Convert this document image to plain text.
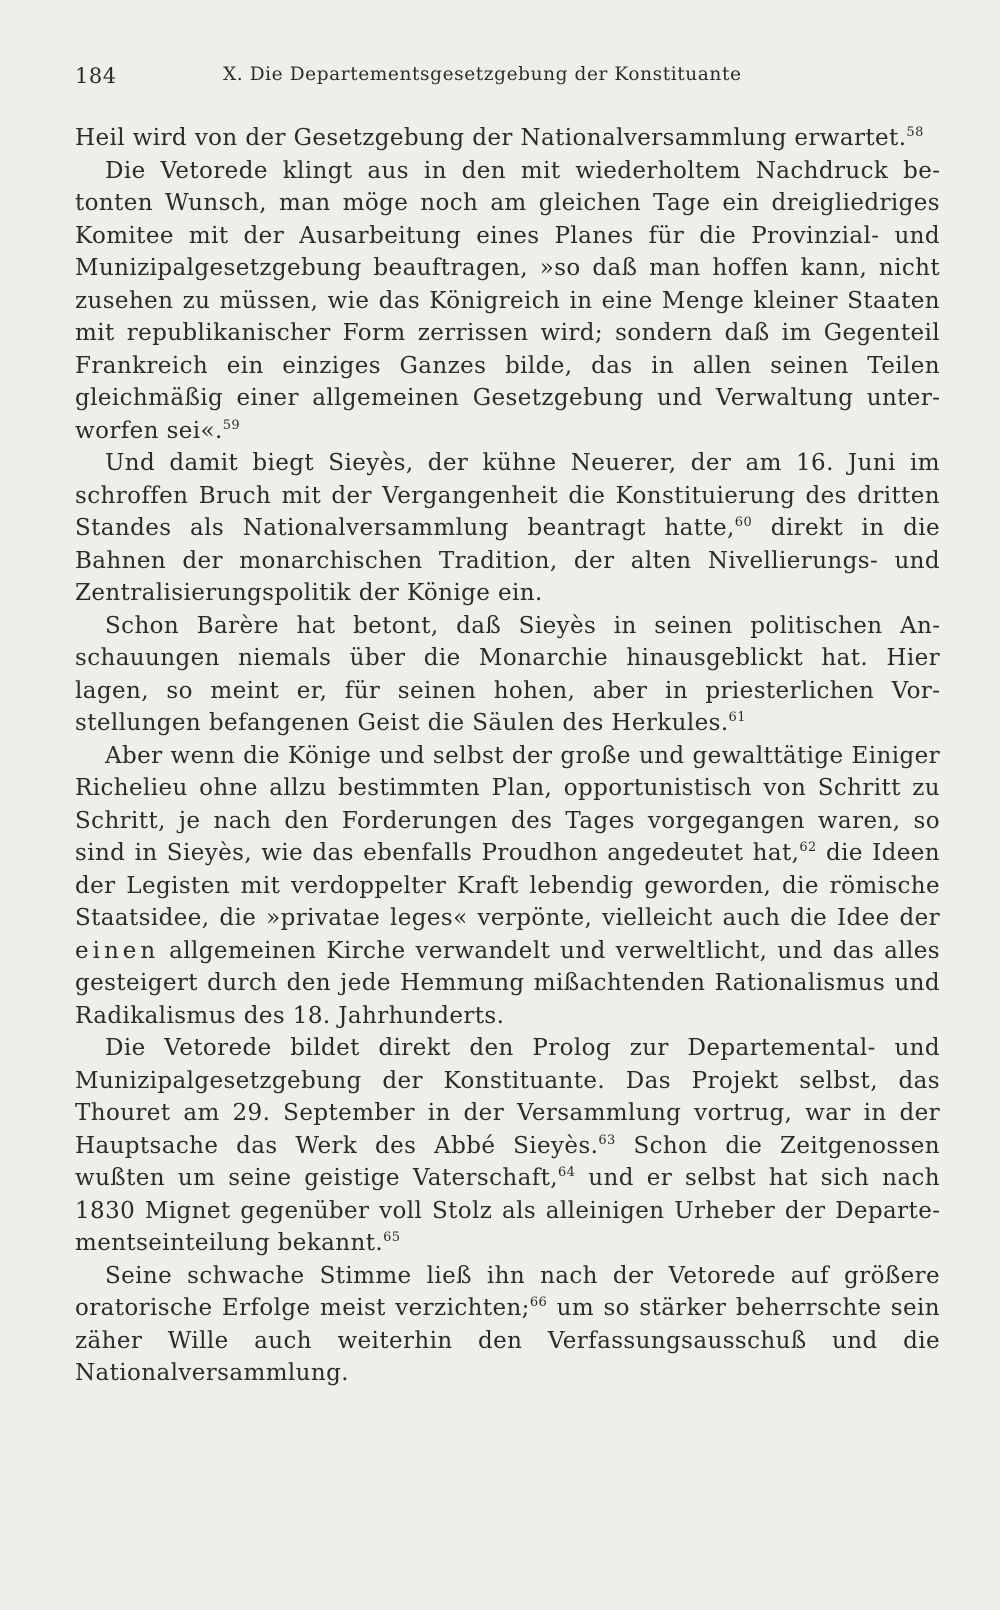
184	X. Die Departementsgesetzgebung der Konstituante

Heil wird von der Gesetzgebung der Nationalversammlung erwartet.$^{58}$

Die Vetorede klingt aus in den mit wiederholtem Nachdruck betonten Wunsch, man möge noch am gleichen Tage ein dreigliedriges Komitee mit der Ausarbeitung eines Planes für die Provinzial- und Munizipalgesetzgebung beauftragen, »so daß man hoffen kann, nicht zusehen zu müssen, wie das Königreich in eine Menge kleiner Staaten mit republikanischer Form zerrissen wird; sondern daß im Gegenteil Frankreich ein einziges Ganzes bilde, das in allen seinen Teilen gleichmäßig einer allgemeinen Gesetzgebung und Verwaltung unterworfen sei«.$^{59}$

Und damit biegt Sieyès, der kühne Neuerer, der am 16. Juni im schroffen Bruch mit der Vergangenheit die Konstituierung des dritten Standes als Nationalversammlung beantragt hatte,$^{60}$ direkt in die Bahnen der monarchischen Tradition, der alten Nivellierungs- und Zentralisierungspolitik der Könige ein.

Schon Barère hat betont, daß Sieyès in seinen politischen Anschauungen niemals über die Monarchie hinausgeblickt hat. Hier lagen, so meint er, für seinen hohen, aber in priesterlichen Vorstellungen befangenen Geist die Säulen des Herkules.$^{61}$

Aber wenn die Könige und selbst der große und gewalttätige Einiger Richelieu ohne allzu bestimmten Plan, opportunistisch von Schritt zu Schritt, je nach den Forderungen des Tages vorgegangen waren, so sind in Sieyès, wie das ebenfalls Proudhon angedeutet hat,$^{62}$ die Ideen der Legisten mit verdoppelter Kraft lebendig geworden, die römische Staatsidee, die »privatae leges« verpönte, vielleicht auch die Idee der einen allgemeinen Kirche verwandelt und verweltlicht, und das alles gesteigert durch den jede Hemmung mißachtenden Rationalismus und Radikalismus des 18. Jahrhunderts.

Die Vetorede bildet direkt den Prolog zur Departemental- und Munizipalgesetzgebung der Konstituante. Das Projekt selbst, das Thouret am 29. September in der Versammlung vortrug, war in der Hauptsache das Werk des Abbé Sieyès.$^{63}$ Schon die Zeitgenossen wußten um seine geistige Vaterschaft,$^{64}$ und er selbst hat sich nach 1830 Mignet gegenüber voll Stolz als alleinigen Urheber der Departementseinteilung bekannt.$^{65}$

Seine schwache Stimme ließ ihn nach der Vetorede auf größere oratorische Erfolge meist verzichten;$^{66}$ um so stärker beherrschte sein zäher Wille auch weiterhin den Verfassungsausschuß und die Nationalversammlung.
